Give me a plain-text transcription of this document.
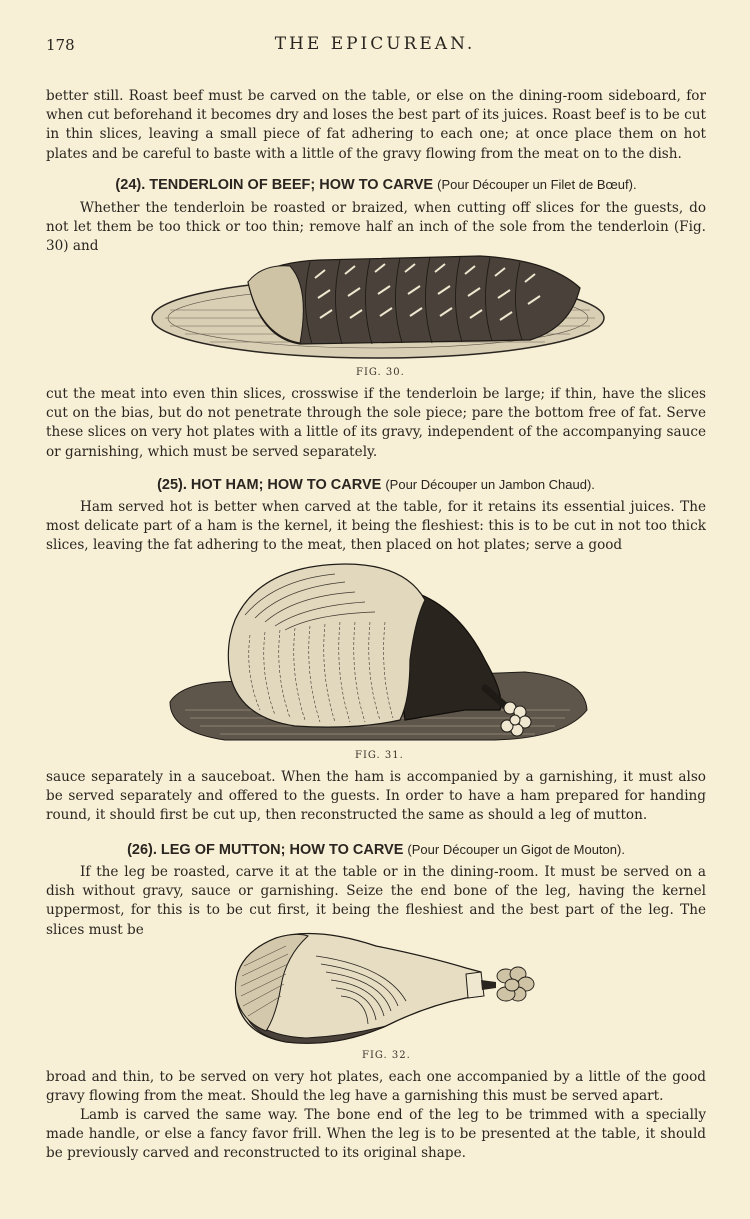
178	THE EPICUREAN.

better still. Roast beef must be carved on the table, or else on the dining-room sideboard, for when cut beforehand it becomes dry and loses the best part of its juices. Roast beef is to be cut in thin slices, leaving a small piece of fat adhering to each one; at once place them on hot plates and be careful to baste with a little of the gravy flowing from the meat on to the dish.

(24). TENDERLOIN OF BEEF; HOW TO CARVE (Pour Découper un Filet de Bœuf).

Whether the tenderloin be roasted or braized, when cutting off slices for the guests, do not let them be too thick or too thin; remove half an inch of the sole from the tenderloin (Fig. 30) and

FIG. 30.

cut the meat into even thin slices, crosswise if the tenderloin be large; if thin, have the slices cut on the bias, but do not penetrate through the sole piece; pare the bottom free of fat. Serve these slices on very hot plates with a little of its gravy, independent of the accompanying sauce or garnishing, which must be served separately.

(25). HOT HAM; HOW TO CARVE (Pour Découper un Jambon Chaud).

Ham served hot is better when carved at the table, for it retains its essential juices. The most delicate part of a ham is the kernel, it being the fleshiest: this is to be cut in not too thick slices, leaving the fat adhering to the meat, then placed on hot plates; serve a good

FIG. 31.

sauce separately in a sauceboat. When the ham is accompanied by a garnishing, it must also be served separately and offered to the guests. In order to have a ham prepared for handing round, it should first be cut up, then reconstructed the same as should a leg of mutton.

(26). LEG OF MUTTON; HOW TO CARVE (Pour Découper un Gigot de Mouton).

If the leg be roasted, carve it at the table or in the dining-room. It must be served on a dish without gravy, sauce or garnishing. Seize the end bone of the leg, having the kernel uppermost, for this is to be cut first, it being the fleshiest and the best part of the leg. The slices must be

FIG. 32.

broad and thin, to be served on very hot plates, each one accompanied by a little of the good gravy flowing from the meat. Should the leg have a garnishing this must be served apart.

Lamb is carved the same way. The bone end of the leg to be trimmed with a specially made handle, or else a fancy favor frill. When the leg is to be presented at the table, it should be previously carved and reconstructed to its original shape.
